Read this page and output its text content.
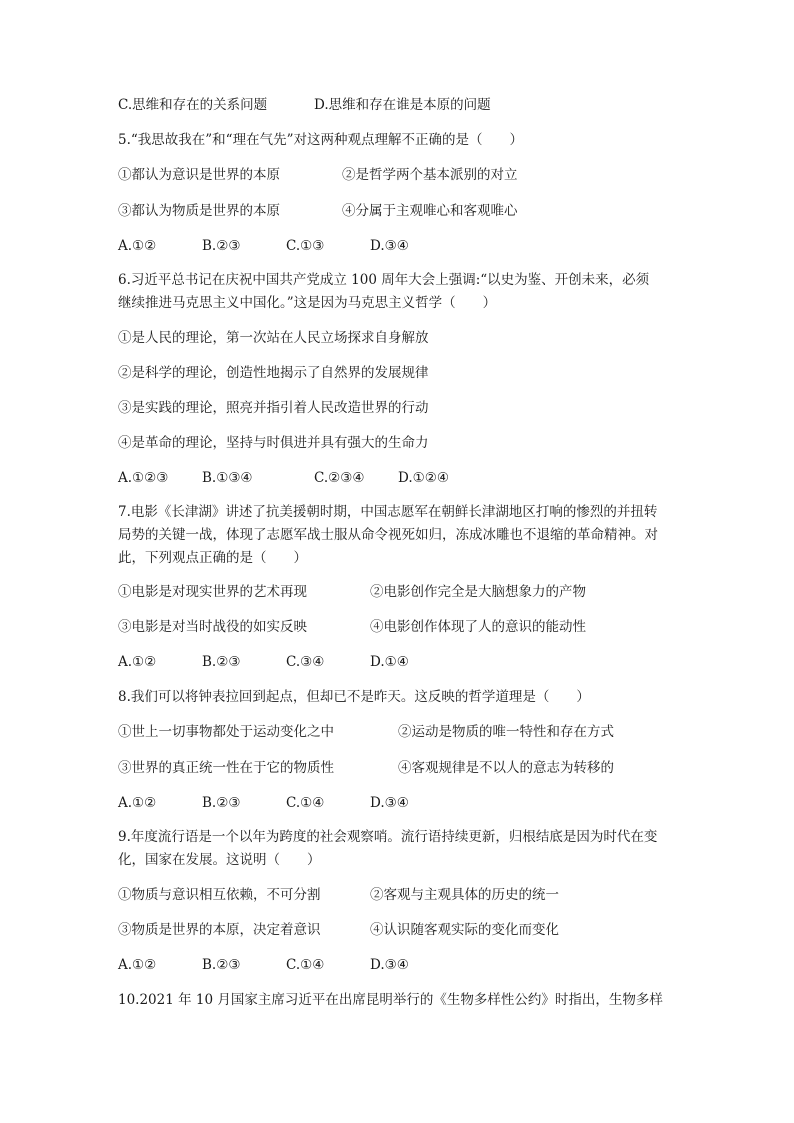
C.思维和存在的关系问题	D.思维和存在谁是本原的问题
5.“我思故我在”和“理在气先”对这两种观点理解不正确的是（　　）
①都认为意识是世界的本原	②是哲学两个基本派别的对立
③都认为物质是世界的本原	④分属于主观唯心和客观唯心
A.①②	B.②③	C.①③	D.③④
6.习近平总书记在庆祝中国共产党成立 100 周年大会上强调:“以史为鉴、开创未来，必须
继续推进马克思主义中国化。”这是因为马克思主义哲学（　　）
①是人民的理论，第一次站在人民立场探求自身解放
②是科学的理论，创造性地揭示了自然界的发展规律
③是实践的理论，照亮并指引着人民改造世界的行动
④是革命的理论，坚持与时俱进并具有强大的生命力
A.①②③ B.①③④	C.②③④ D.①②④
7.电影《长津湖》讲述了抗美援朝时期，中国志愿军在朝鲜长津湖地区打响的惨烈的并扭转
局势的关键一战，体现了志愿军战士服从命令视死如归，冻成冰雕也不退缩的革命精神。对
此，下列观点正确的是（　　）
①电影是对现实世界的艺术再现	②电影创作完全是大脑想象力的产物
③电影是对当时战役的如实反映	④电影创作体现了人的意识的能动性
A.①②	B.②③	C.③④	D.①④
8.我们可以将钟表拉回到起点，但却已不是昨天。这反映的哲学道理是（　　）
①世上一切事物都处于运动变化之中	②运动是物质的唯一特性和存在方式
③世界的真正统一性在于它的物质性	④客观规律是不以人的意志为转移的
A.①②	B.②③	C.①④	D.③④
9.年度流行语是一个以年为跨度的社会观察哨。流行语持续更新，归根结底是因为时代在变
化，国家在发展。这说明（　　）
①物质与意识相互依赖，不可分割	②客观与主观具体的历史的统一
③物质是世界的本原，决定着意识	④认识随客观实际的变化而变化
A.①②	B.②③	C.①④	D.③④
10.2021 年 10 月国家主席习近平在出席昆明举行的《生物多样性公约》时指出，生物多样
